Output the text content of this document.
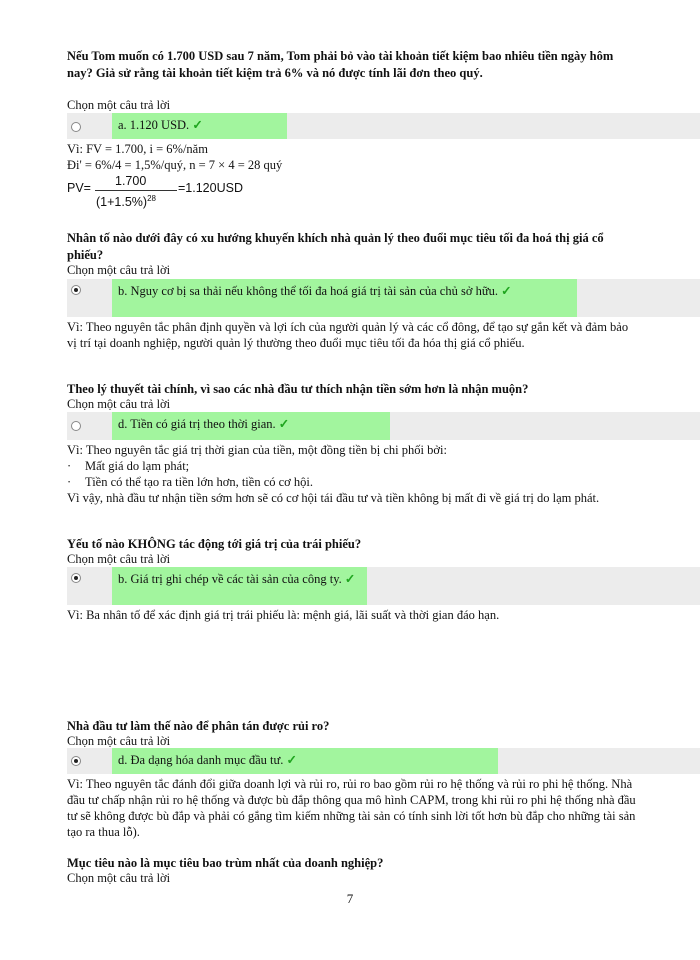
Nếu Tom muốn có 1.700 USD sau 7 năm, Tom phải bỏ vào tài khoản tiết kiệm bao nhiêu tiền ngày hôm nay? Giả sử rằng tài khoản tiết kiệm trả 6% và nó được tính lãi đơn theo quý.
Chọn một câu trả lời
a. 1.120 USD. ✓

Vì: FV = 1.700, i = 6%/năm

Đi' = 6%/4 = 1,5%/quý, n = 7 × 4 = 28 quý

PV= 1.700
$(1+1.5\%)^{28}$
=1.120USD
Nhân tố nào dưới đây có xu hướng khuyến khích nhà quản lý theo đuổi mục tiêu tối đa hoá thị giá cổ phiếu?
Chọn một câu trả lời
b. Nguy cơ bị sa thải nếu không thể tối đa hoá giá trị tài sản của chủ sở hữu. ✓

Vì: Theo nguyên tắc phân định quyền và lợi ích của người quản lý và các cổ đông, để tạo sự gắn kết và đảm bảo vị trí tại doanh nghiệp, người quản lý thường theo đuổi mục tiêu tối đa hóa thị giá cổ phiếu.

Theo lý thuyết tài chính, vì sao các nhà đầu tư thích nhận tiền sớm hơn là nhận muộn?
Chọn một câu trả lời
d. Tiền có giá trị theo thời gian. ✓

Vì: Theo nguyên tắc giá trị thời gian của tiền, một đồng tiền bị chi phối bởi:

· Mất giá do lạm phát;

· Tiền có thể tạo ra tiền lớn hơn, tiền có cơ hội.

Vì vậy, nhà đầu tư nhận tiền sớm hơn sẽ có cơ hội tái đầu tư và tiền không bị mất đi về giá trị do lạm phát.

Yếu tố nào KHÔNG tác động tới giá trị của trái phiếu?
Chọn một câu trả lời
b. Giá trị ghi chép về các tài sản của công ty. ✓

Vì: Ba nhân tố để xác định giá trị trái phiếu là: mệnh giá, lãi suất và thời gian đáo hạn.

Nhà đầu tư làm thế nào để phân tán được rủi ro?
Chọn một câu trả lời
d. Đa dạng hóa danh mục đầu tư. ✓

Vì: Theo nguyên tắc đánh đổi giữa doanh lợi và rủi ro, rủi ro bao gồm rủi ro hệ thống và rủi ro phi hệ thống. Nhà đầu tư chấp nhận rủi ro hệ thống và được bù đắp thông qua mô hình CAPM, trong khi rủi ro phi hệ thống nhà đầu tư sẽ không được bù đắp và phải có gắng tìm kiếm những tài sản có tính sinh lời tốt hơn bù đắp cho những tài sản tạo ra thua lỗ).

Mục tiêu nào là mục tiêu bao trùm nhất của doanh nghiệp?
Chọn một câu trả lời
7
